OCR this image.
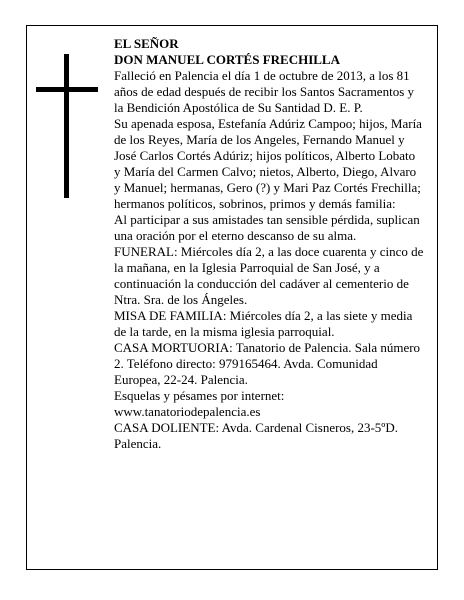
EL SEÑOR

DON MANUEL CORTÉS FRECHILLA

Falleció en Palencia el día 1 de octubre de 2013, a los 81 años de edad después de recibir los Santos Sacramentos y la Bendición Apostólica de Su Santidad D. E. P.

Su apenada esposa, Estefanía Adúriz Campoo; hijos, María de los Reyes, María de los Angeles, Fernando Manuel y José Carlos Cortés Adúriz; hijos políticos, Alberto Lobato y María del Carmen Calvo; nietos, Alberto, Diego, Alvaro y Manuel; hermanas, Gero (?) y Mari Paz Cortés Frechilla; hermanos políticos, sobrinos, primos y demás familia:

Al participar a sus amistades tan sensible pérdida, suplican una oración por el eterno descanso de su alma.

FUNERAL: Miércoles día 2, a las doce cuarenta y cinco de la mañana, en la Iglesia Parroquial de San José, y a continuación la conducción del cadáver al cementerio de Ntra. Sra. de los Ángeles.

MISA DE FAMILIA: Miércoles día 2, a las siete y media de la tarde, en la misma iglesia parroquial.

CASA MORTUORIA: Tanatorio de Palencia. Sala número 2. Teléfono directo: 979165464. Avda. Comunidad Europea, 22-24. Palencia.

Esquelas y pésames por internet:

www.tanatoriodepalencia.es

CASA DOLIENTE: Avda. Cardenal Cisneros, 23-5ºD. Palencia.
